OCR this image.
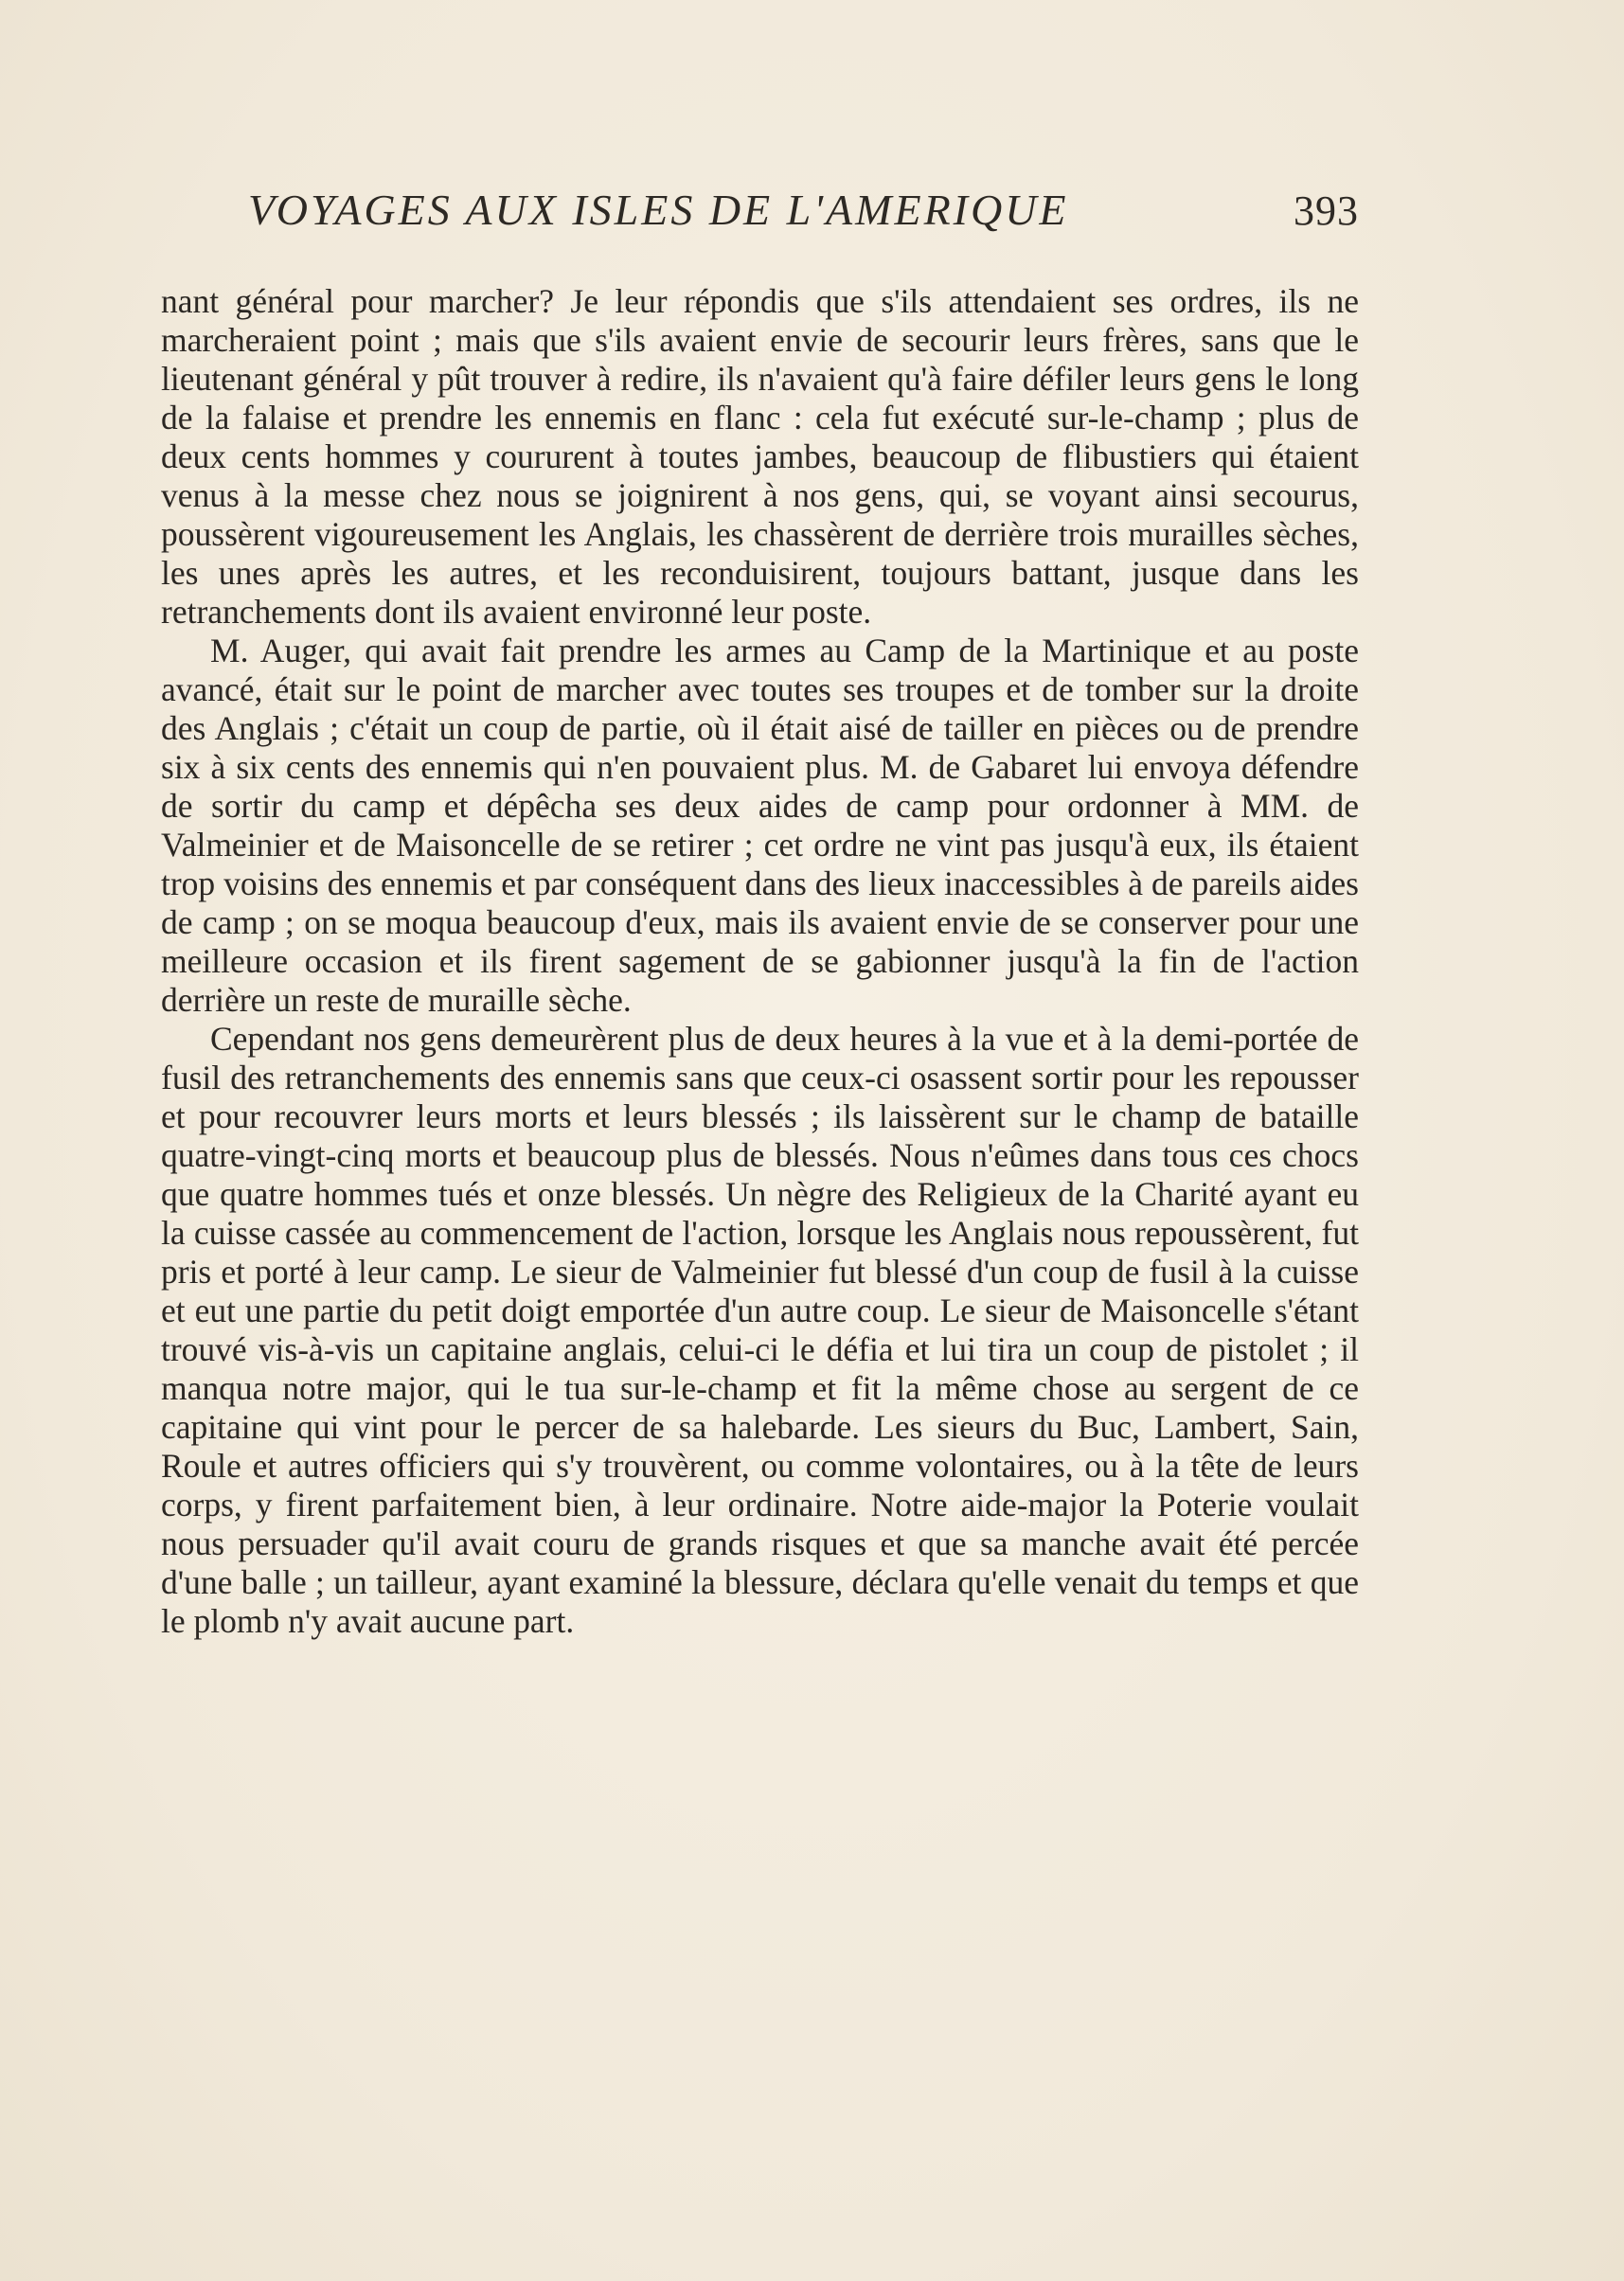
VOYAGES AUX ISLES DE L'AMERIQUE	393

nant général pour marcher? Je leur répondis que s'ils attendaient ses ordres, ils ne marcheraient point ; mais que s'ils avaient envie de secourir leurs frères, sans que le lieutenant général y pût trouver à redire, ils n'avaient qu'à faire défiler leurs gens le long de la falaise et prendre les ennemis en flanc : cela fut exécuté sur-le-champ ; plus de deux cents hommes y coururent à toutes jambes, beaucoup de flibustiers qui étaient venus à la messe chez nous se joignirent à nos gens, qui, se voyant ainsi secourus, poussèrent vigoureusement les Anglais, les chassèrent de derrière trois murailles sèches, les unes après les autres, et les reconduisirent, toujours battant, jusque dans les retranchements dont ils avaient environné leur poste.

M. Auger, qui avait fait prendre les armes au Camp de la Martinique et au poste avancé, était sur le point de marcher avec toutes ses troupes et de tomber sur la droite des Anglais ; c'était un coup de partie, où il était aisé de tailler en pièces ou de prendre six à six cents des ennemis qui n'en pouvaient plus. M. de Gabaret lui envoya défendre de sortir du camp et dépêcha ses deux aides de camp pour ordonner à MM. de Valmeinier et de Maisoncelle de se retirer ; cet ordre ne vint pas jusqu'à eux, ils étaient trop voisins des ennemis et par conséquent dans des lieux inaccessibles à de pareils aides de camp ; on se moqua beaucoup d'eux, mais ils avaient envie de se conserver pour une meilleure occasion et ils firent sagement de se gabionner jusqu'à la fin de l'action derrière un reste de muraille sèche.

Cependant nos gens demeurèrent plus de deux heures à la vue et à la demi-portée de fusil des retranchements des ennemis sans que ceux-ci osassent sortir pour les repousser et pour recouvrer leurs morts et leurs blessés ; ils laissèrent sur le champ de bataille quatre-vingt-cinq morts et beaucoup plus de blessés. Nous n'eûmes dans tous ces chocs que quatre hommes tués et onze blessés. Un nègre des Religieux de la Charité ayant eu la cuisse cassée au commencement de l'action, lorsque les Anglais nous repoussèrent, fut pris et porté à leur camp. Le sieur de Valmeinier fut blessé d'un coup de fusil à la cuisse et eut une partie du petit doigt emportée d'un autre coup. Le sieur de Maisoncelle s'étant trouvé vis-à-vis un capitaine anglais, celui-ci le défia et lui tira un coup de pistolet ; il manqua notre major, qui le tua sur-le-champ et fit la même chose au sergent de ce capitaine qui vint pour le percer de sa halebarde. Les sieurs du Buc, Lambert, Sain, Roule et autres officiers qui s'y trouvèrent, ou comme volontaires, ou à la tête de leurs corps, y firent parfaitement bien, à leur ordinaire. Notre aide-major la Poterie voulait nous persuader qu'il avait couru de grands risques et que sa manche avait été percée d'une balle ; un tailleur, ayant examiné la blessure, déclara qu'elle venait du temps et que le plomb n'y avait aucune part.
